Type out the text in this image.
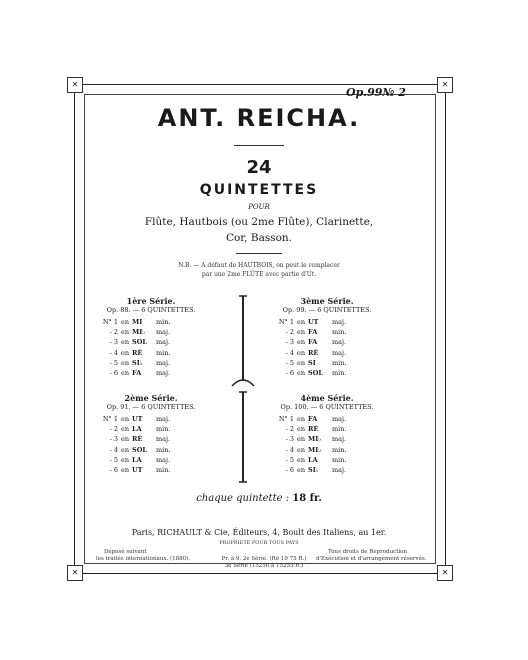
✕	✕
✕	✕
Op.99№ 2
ANT. REICHA.
24
QUINTETTES
POUR
Flûte, Hautbois (ou 2me Flûte), Clarinette,
Cor, Basson.
N.B. — A défaut de HAUTBOIS, on peut le remplacer
par une 2me FLÛTE avec partie d'Ut.
1ère Série.
Op. 88. — 6 QUINTETTES.
N° 1 en MI min.
- 2 en MI♭ maj.
- 3 en SOL maj.
- 4 en RÉ min.
- 5 en SI♭ maj.
- 6 en FA maj.
3ème Série.
Op. 99. — 6 QUINTETTES.
N° 1 en UT maj.
- 2 en FA min.
- 3 en FA maj.
- 4 en RÉ maj.
- 5 en SI	min.
- 6 en SOL min.
2ème Série.
Op. 91. — 6 QUINTETTES.
N° 1 en UT maj.
- 2 en LA min.
- 3 en RÉ maj.
- 4 en SOL min.
- 5 en LA maj.
- 6 en UT min.
4ème Série.
Op. 100. — 6 QUINTETTES.
N° 1 en FA maj.
- 2 en RÉ min.
- 3 en MI♭ maj.
- 4 en MI♭ min.
- 5 en LA min.
- 6 en SI♭ maj.
chaque quintette : 18 fr.
Paris, RICHAULT & Cie, Éditeurs, 4, Boult des Italiens, au 1er.
PROPRIÉTÉ POUR TOUS PAYS
Déposé suivant
les traités internationaux. (1880).
Tous droits de Reproduction
d'Exécution et d'arrangement réservés.
Pr. à 9. 2e Série. (Ré 19 75 R.)
3e Série (15250 à 15255 R.)
